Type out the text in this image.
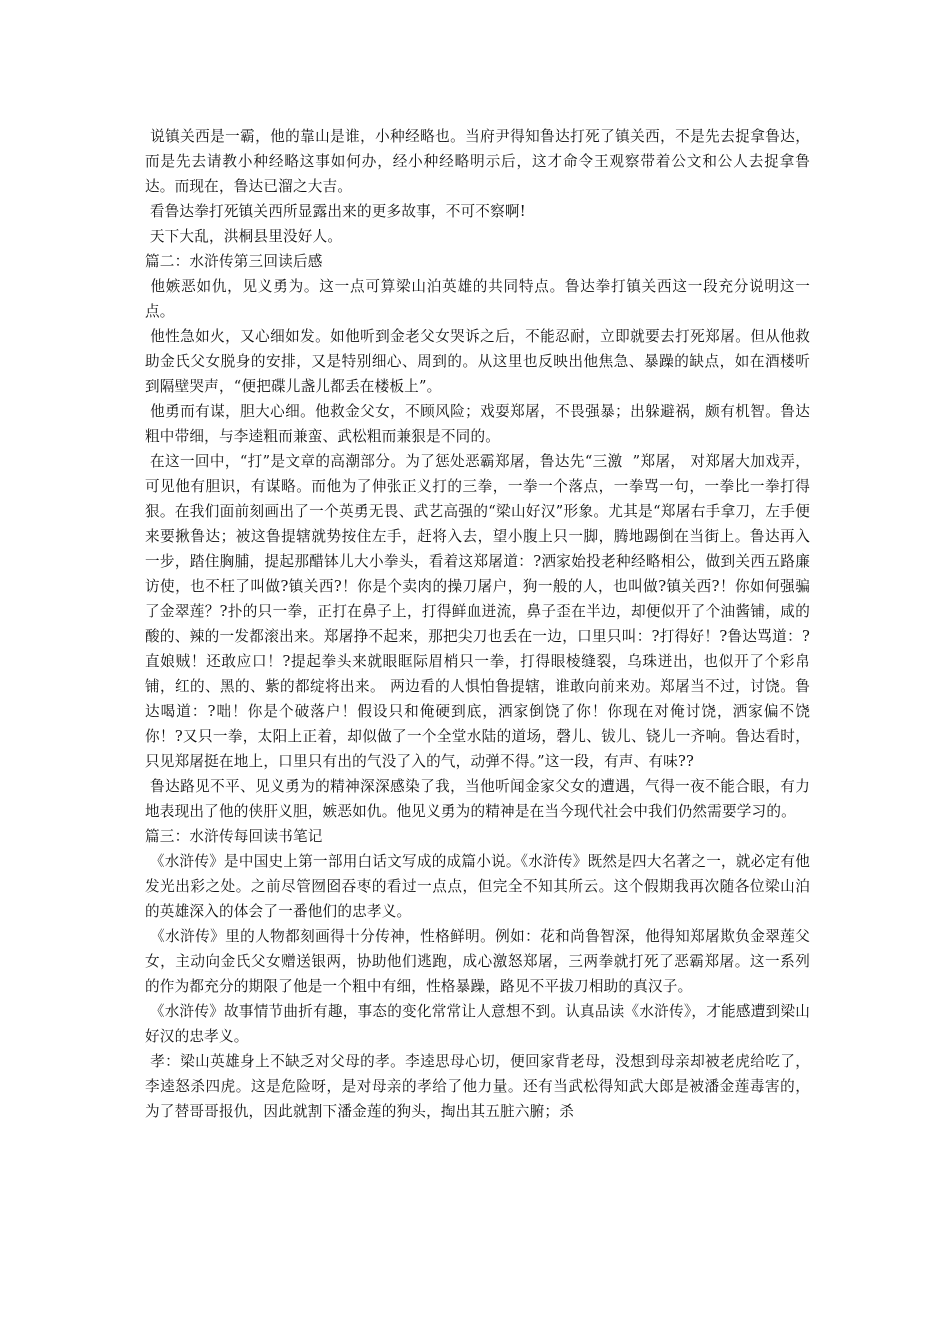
说镇关西是一霸，他的靠山是谁，小种经略也。当府尹得知鲁达打死了镇关西，不是先去捉拿鲁达，而是先去请教小种经略这事如何办，经小种经略明示后，这才命令王观察带着公文和公人去捉拿鲁达。而现在，鲁达已溜之大吉。

看鲁达拳打死镇关西所显露出来的更多故事，不可不察啊!

天下大乱，洪桐县里没好人。

篇二：水浒传第三回读后感

他嫉恶如仇，见义勇为。这一点可算梁山泊英雄的共同特点。鲁达拳打镇关西这一段充分说明这一点。

他性急如火，又心细如发。如他听到金老父女哭诉之后，不能忍耐，立即就要去打死郑屠。但从他救助金氏父女脱身的安排，又是特别细心、周到的。从这里也反映出他焦急、暴躁的缺点，如在酒楼听到隔壁哭声，“便把碟儿盏儿都丢在楼板上”。

他勇而有谋，胆大心细。他救金父女，不顾风险；戏耍郑屠，不畏强暴；出躲避祸，颇有机智。鲁达粗中带细，与李逵粗而兼蛮、武松粗而兼狠是不同的。

在这一回中，“打”是文章的高潮部分。为了惩处恶霸郑屠，鲁达先“三激  ”郑屠， 对郑屠大加戏弄，可见他有胆识，有谋略。而他为了伸张正义打的三拳，一拳一个落点，一拳骂一句，一拳比一拳打得狠。在我们面前刻画出了一个英勇无畏、武艺高强的“梁山好汉”形象。尤其是“郑屠右手拿刀，左手便来要揪鲁达；被这鲁提辖就势按住左手，赶将入去，望小腹上只一脚，腾地踢倒在当街上。鲁达再入一步，踏住胸脯，提起那醋钵儿大小拳头，看着这郑屠道：?洒家始投老种经略相公，做到关西五路廉访使，也不枉了叫做?镇关西?！你是个卖肉的操刀屠户，狗一般的人，也叫做?镇关西?！你如何强骗了金翠莲？?扑的只一拳，正打在鼻子上，打得鲜血迸流，鼻子歪在半边，却便似开了个油酱铺，咸的酸的、辣的一发都滚出来。郑屠挣不起来，那把尖刀也丢在一边，口里只叫：?打得好！?鲁达骂道：?直娘贼！还敢应口！?提起拳头来就眼眶际眉梢只一拳，打得眼棱缝裂，乌珠迸出，也似开了个彩帛铺，红的、黑的、紫的都绽将出来。 两边看的人惧怕鲁提辖，谁敢向前来劝。郑屠当不过，讨饶。鲁达喝道：?咄！你是个破落户！假设只和俺硬到底，洒家倒饶了你！你现在对俺讨饶，洒家偏不饶你！?又只一拳，太阳上正着，却似做了一个全堂水陆的道场，磬儿、钹儿、铙儿一齐响。鲁达看时，只见郑屠挺在地上，口里只有出的气没了入的气，动弹不得。”这一段，有声、有味??

鲁达路见不平、见义勇为的精神深深感染了我，当他听闻金家父女的遭遇，气得一夜不能合眼，有力地表现出了他的侠肝义胆，嫉恶如仇。他见义勇为的精神是在当今现代社会中我们仍然需要学习的。

篇三：水浒传每回读书笔记

《水浒传》是中国史上第一部用白话文写成的成篇小说。《水浒传》既然是四大名著之一，就必定有他发光出彩之处。之前尽管囫囵吞枣的看过一点点，但完全不知其所云。这个假期我再次随各位梁山泊的英雄深入的体会了一番他们的忠孝义。

《水浒传》里的人物都刻画得十分传神，性格鲜明。例如：花和尚鲁智深，他得知郑屠欺负金翠莲父女，主动向金氏父女赠送银两，协助他们逃跑，成心激怒郑屠，三两拳就打死了恶霸郑屠。这一系列的作为都充分的期限了他是一个粗中有细，性格暴躁，路见不平拔刀相助的真汉子。

《水浒传》故事情节曲折有趣，事态的变化常常让人意想不到。认真品读《水浒传》，才能感遭到梁山好汉的忠孝义。

孝：梁山英雄身上不缺乏对父母的孝。李逵思母心切，便回家背老母，没想到母亲却被老虎给吃了，李逵怒杀四虎。这是危险呀，是对母亲的孝给了他力量。还有当武松得知武大郎是被潘金莲毒害的，为了替哥哥报仇，因此就割下潘金莲的狗头，掏出其五脏六腑；杀
